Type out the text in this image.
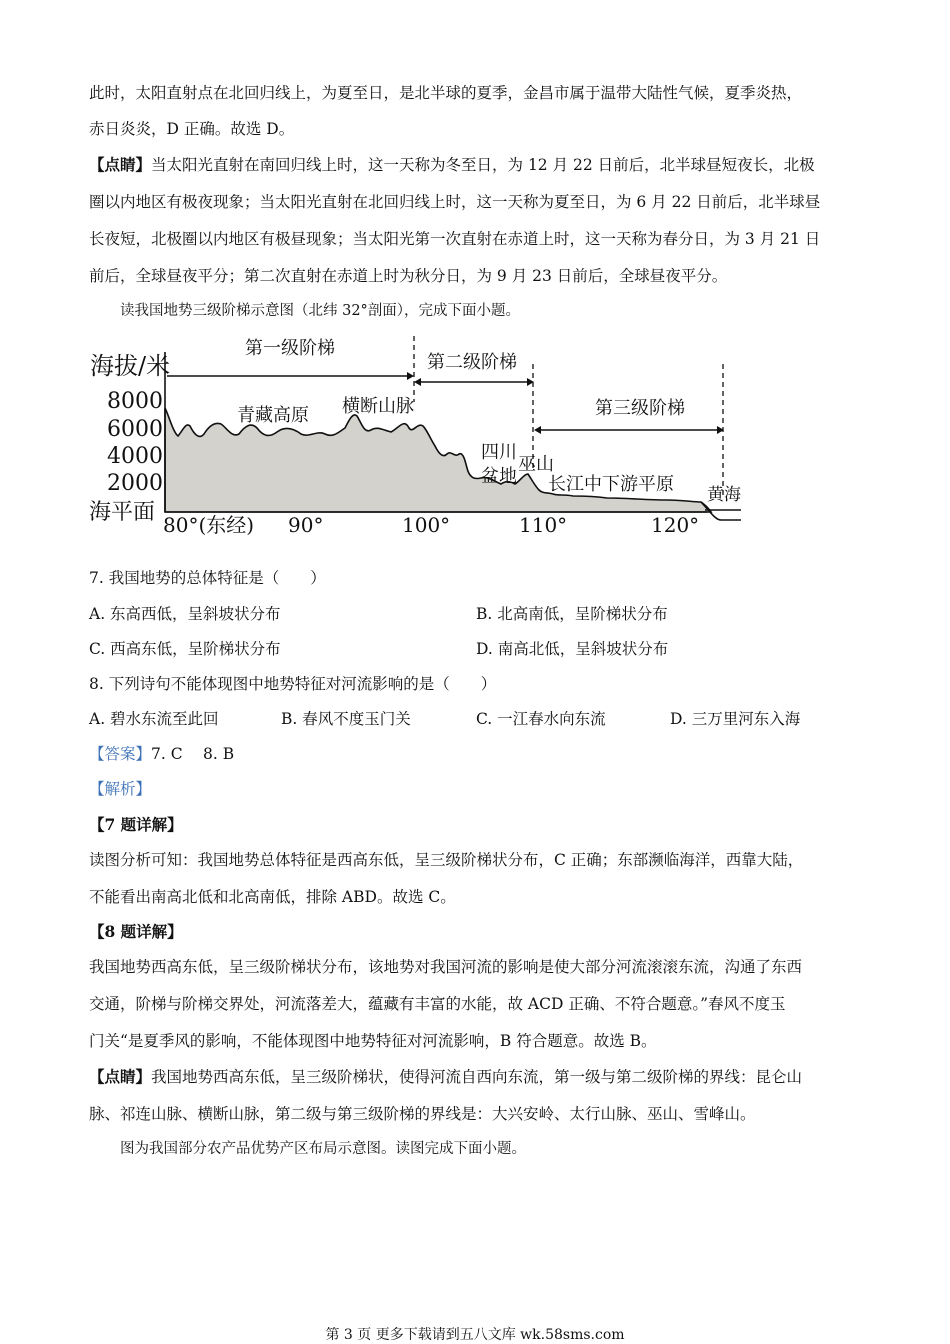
此时，太阳直射点在北回归线上，为夏至日，是北半球的夏季，金昌市属于温带大陆性气候，夏季炎热，
赤日炎炎，D 正确。故选 D。
【点睛】当太阳光直射在南回归线上时，这一天称为冬至日，为 12 月 22 日前后，北半球昼短夜长，北极
圈以内地区有极夜现象；当太阳光直射在北回归线上时，这一天称为夏至日，为 6 月 22 日前后，北半球昼
长夜短，北极圈以内地区有极昼现象；当太阳光第一次直射在赤道上时，这一天称为春分日，为 3 月 21 日
前后，全球昼夜平分；第二次直射在赤道上时为秋分日，为 9 月 23 日前后，全球昼夜平分。
读我国地势三级阶梯示意图（北纬 32°剖面），完成下面小题。
海拔/米
8000
6000
4000
2000
海平面 80°(东经) 90°	100°	110°	120°
第一级阶梯
第二级阶梯
第三级阶梯
青藏高原 横断山脉
四川
盆地
巫山
长江中下游平原 黄海
7. 我国地势的总体特征是（　　）
A. 东高西低，呈斜坡状分布	B. 北高南低，呈阶梯状分布
C. 西高东低，呈阶梯状分布	D. 南高北低，呈斜坡状分布
8. 下列诗句不能体现图中地势特征对河流影响的是（　　）
A. 碧水东流至此回	B. 春风不度玉门关	C. 一江春水向东流	D. 三万里河东入海
【答案】7. C　 8. B
【解析】
【7 题详解】
读图分析可知：我国地势总体特征是西高东低，呈三级阶梯状分布，C 正确；东部濒临海洋，西靠大陆，
不能看出南高北低和北高南低，排除 ABD。故选 C。
【8 题详解】
我国地势西高东低，呈三级阶梯状分布，该地势对我国河流的影响是使大部分河流滚滚东流，沟通了东西
交通，阶梯与阶梯交界处，河流落差大，蕴藏有丰富的水能，故 ACD 正确、不符合题意。”春风不度玉
门关“是夏季风的影响，不能体现图中地势特征对河流影响，B 符合题意。故选 B。
【点睛】我国地势西高东低，呈三级阶梯状，使得河流自西向东流，第一级与第二级阶梯的界线：昆仑山
脉、祁连山脉、横断山脉，第二级与第三级阶梯的界线是：大兴安岭、太行山脉、巫山、雪峰山。
图为我国部分农产品优势产区布局示意图。读图完成下面小题。
第 3 页 更多下载请到五八文库 wk.58sms.com
